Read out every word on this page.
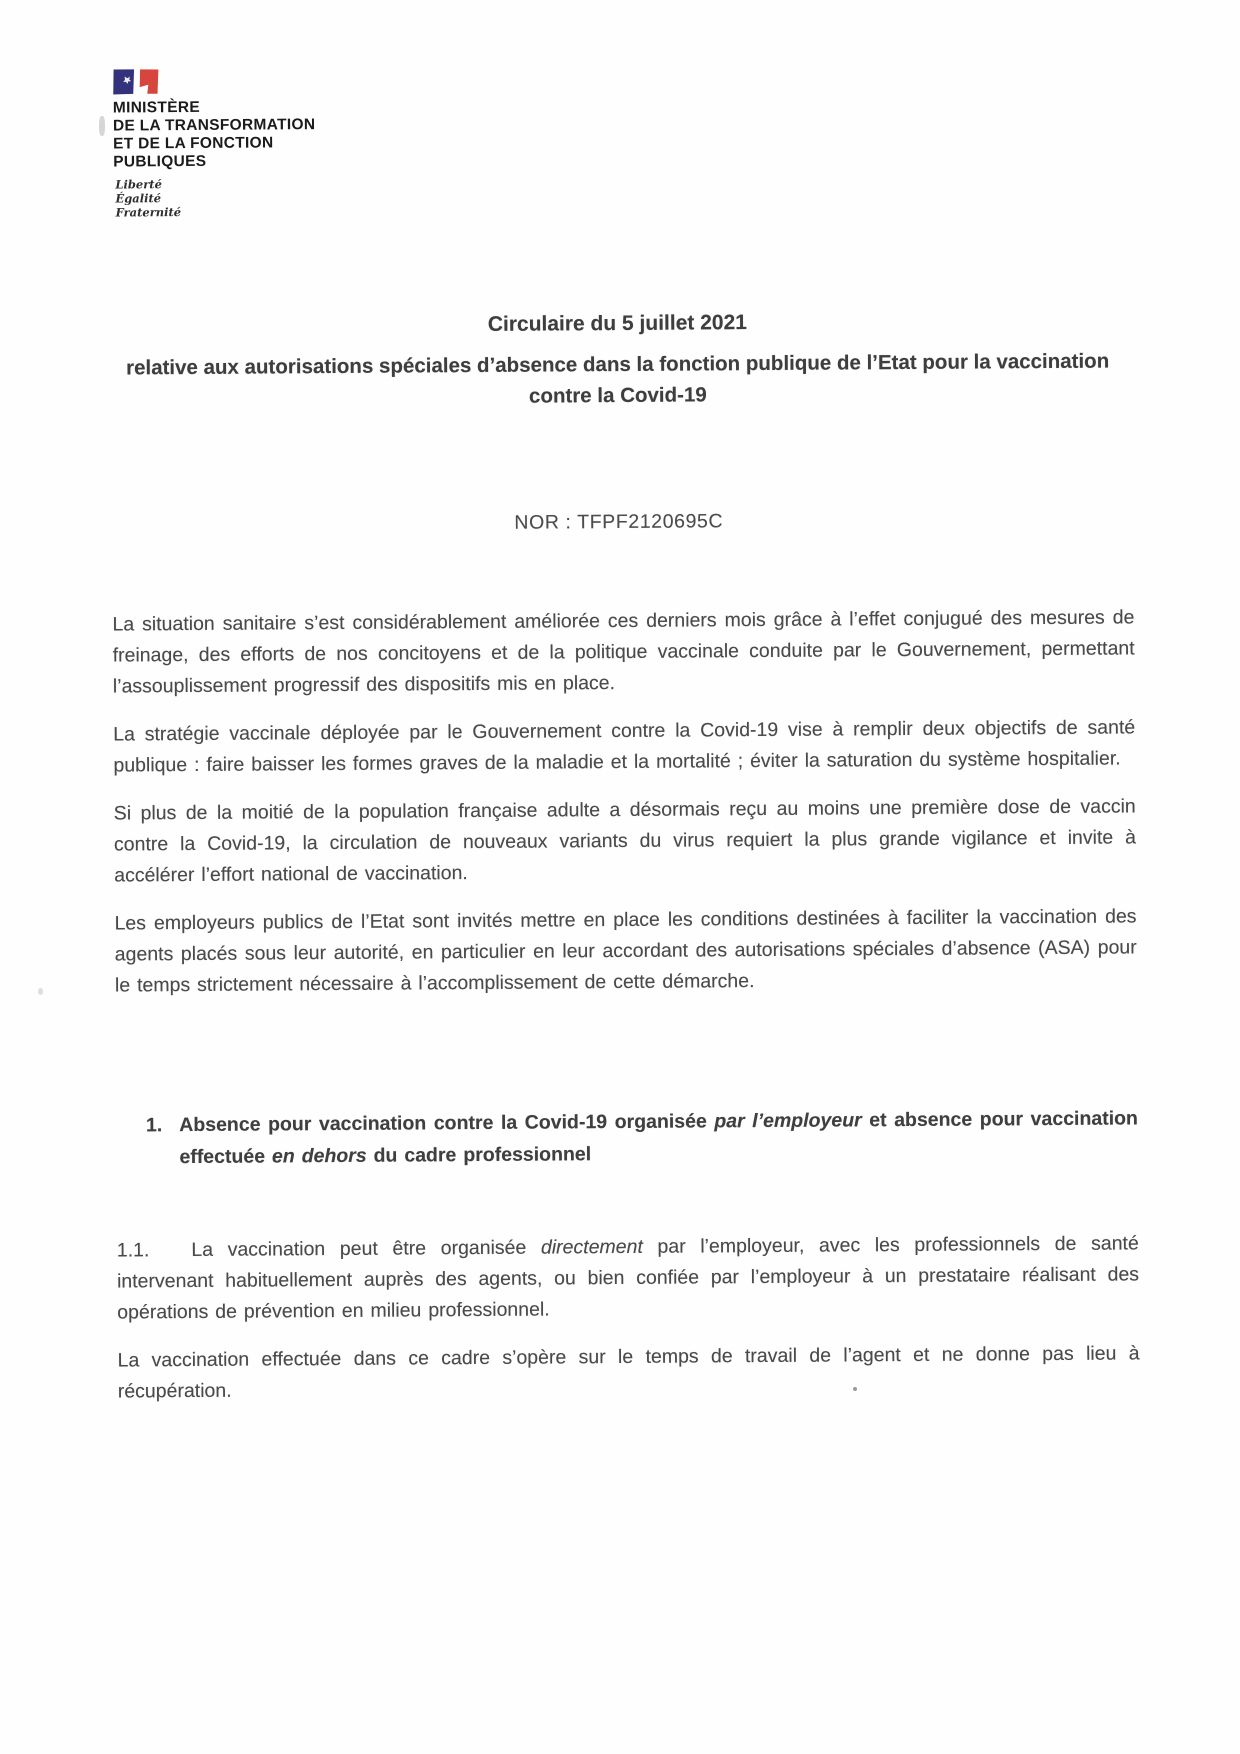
MINISTÈRE
DE LA TRANSFORMATION
ET DE LA FONCTION
PUBLIQUES
Liberté
Égalité
Fraternité
Circulaire du 5 juillet 2021
relative aux autorisations spéciales d’absence dans la fonction publique de l’Etat pour la vaccination contre la Covid-19
NOR : TFPF2120695C

La situation sanitaire s’est considérablement améliorée ces derniers mois grâce à l’effet conjugué des mesures de freinage, des efforts de nos concitoyens et de la politique vaccinale conduite par le Gouvernement, permettant l’assouplissement progressif des dispositifs mis en place.

La stratégie vaccinale déployée par le Gouvernement contre la Covid-19 vise à remplir deux objectifs de santé publique : faire baisser les formes graves de la maladie et la mortalité ; éviter la saturation du système hospitalier.

Si plus de la moitié de la population française adulte a désormais reçu au moins une première dose de vaccin contre la Covid-19, la circulation de nouveaux variants du virus requiert la plus grande vigilance et invite à accélérer l’effort national de vaccination.

Les employeurs publics de l’Etat sont invités mettre en place les conditions destinées à faciliter la vaccination des agents placés sous leur autorité, en particulier en leur accordant des autorisations spéciales d’absence (ASA) pour le temps strictement nécessaire à l’accomplissement de cette démarche.

1. Absence pour vaccination contre la Covid-19 organisée par l’employeur et absence pour vaccination effectuée en dehors du cadre professionnel

1.1. La vaccination peut être organisée directement par l’employeur, avec les professionnels de santé intervenant habituellement auprès des agents, ou bien confiée par l’employeur à un prestataire réalisant des opérations de prévention en milieu professionnel.

La vaccination effectuée dans ce cadre s’opère sur le temps de travail de l’agent et ne donne pas lieu à récupération.
